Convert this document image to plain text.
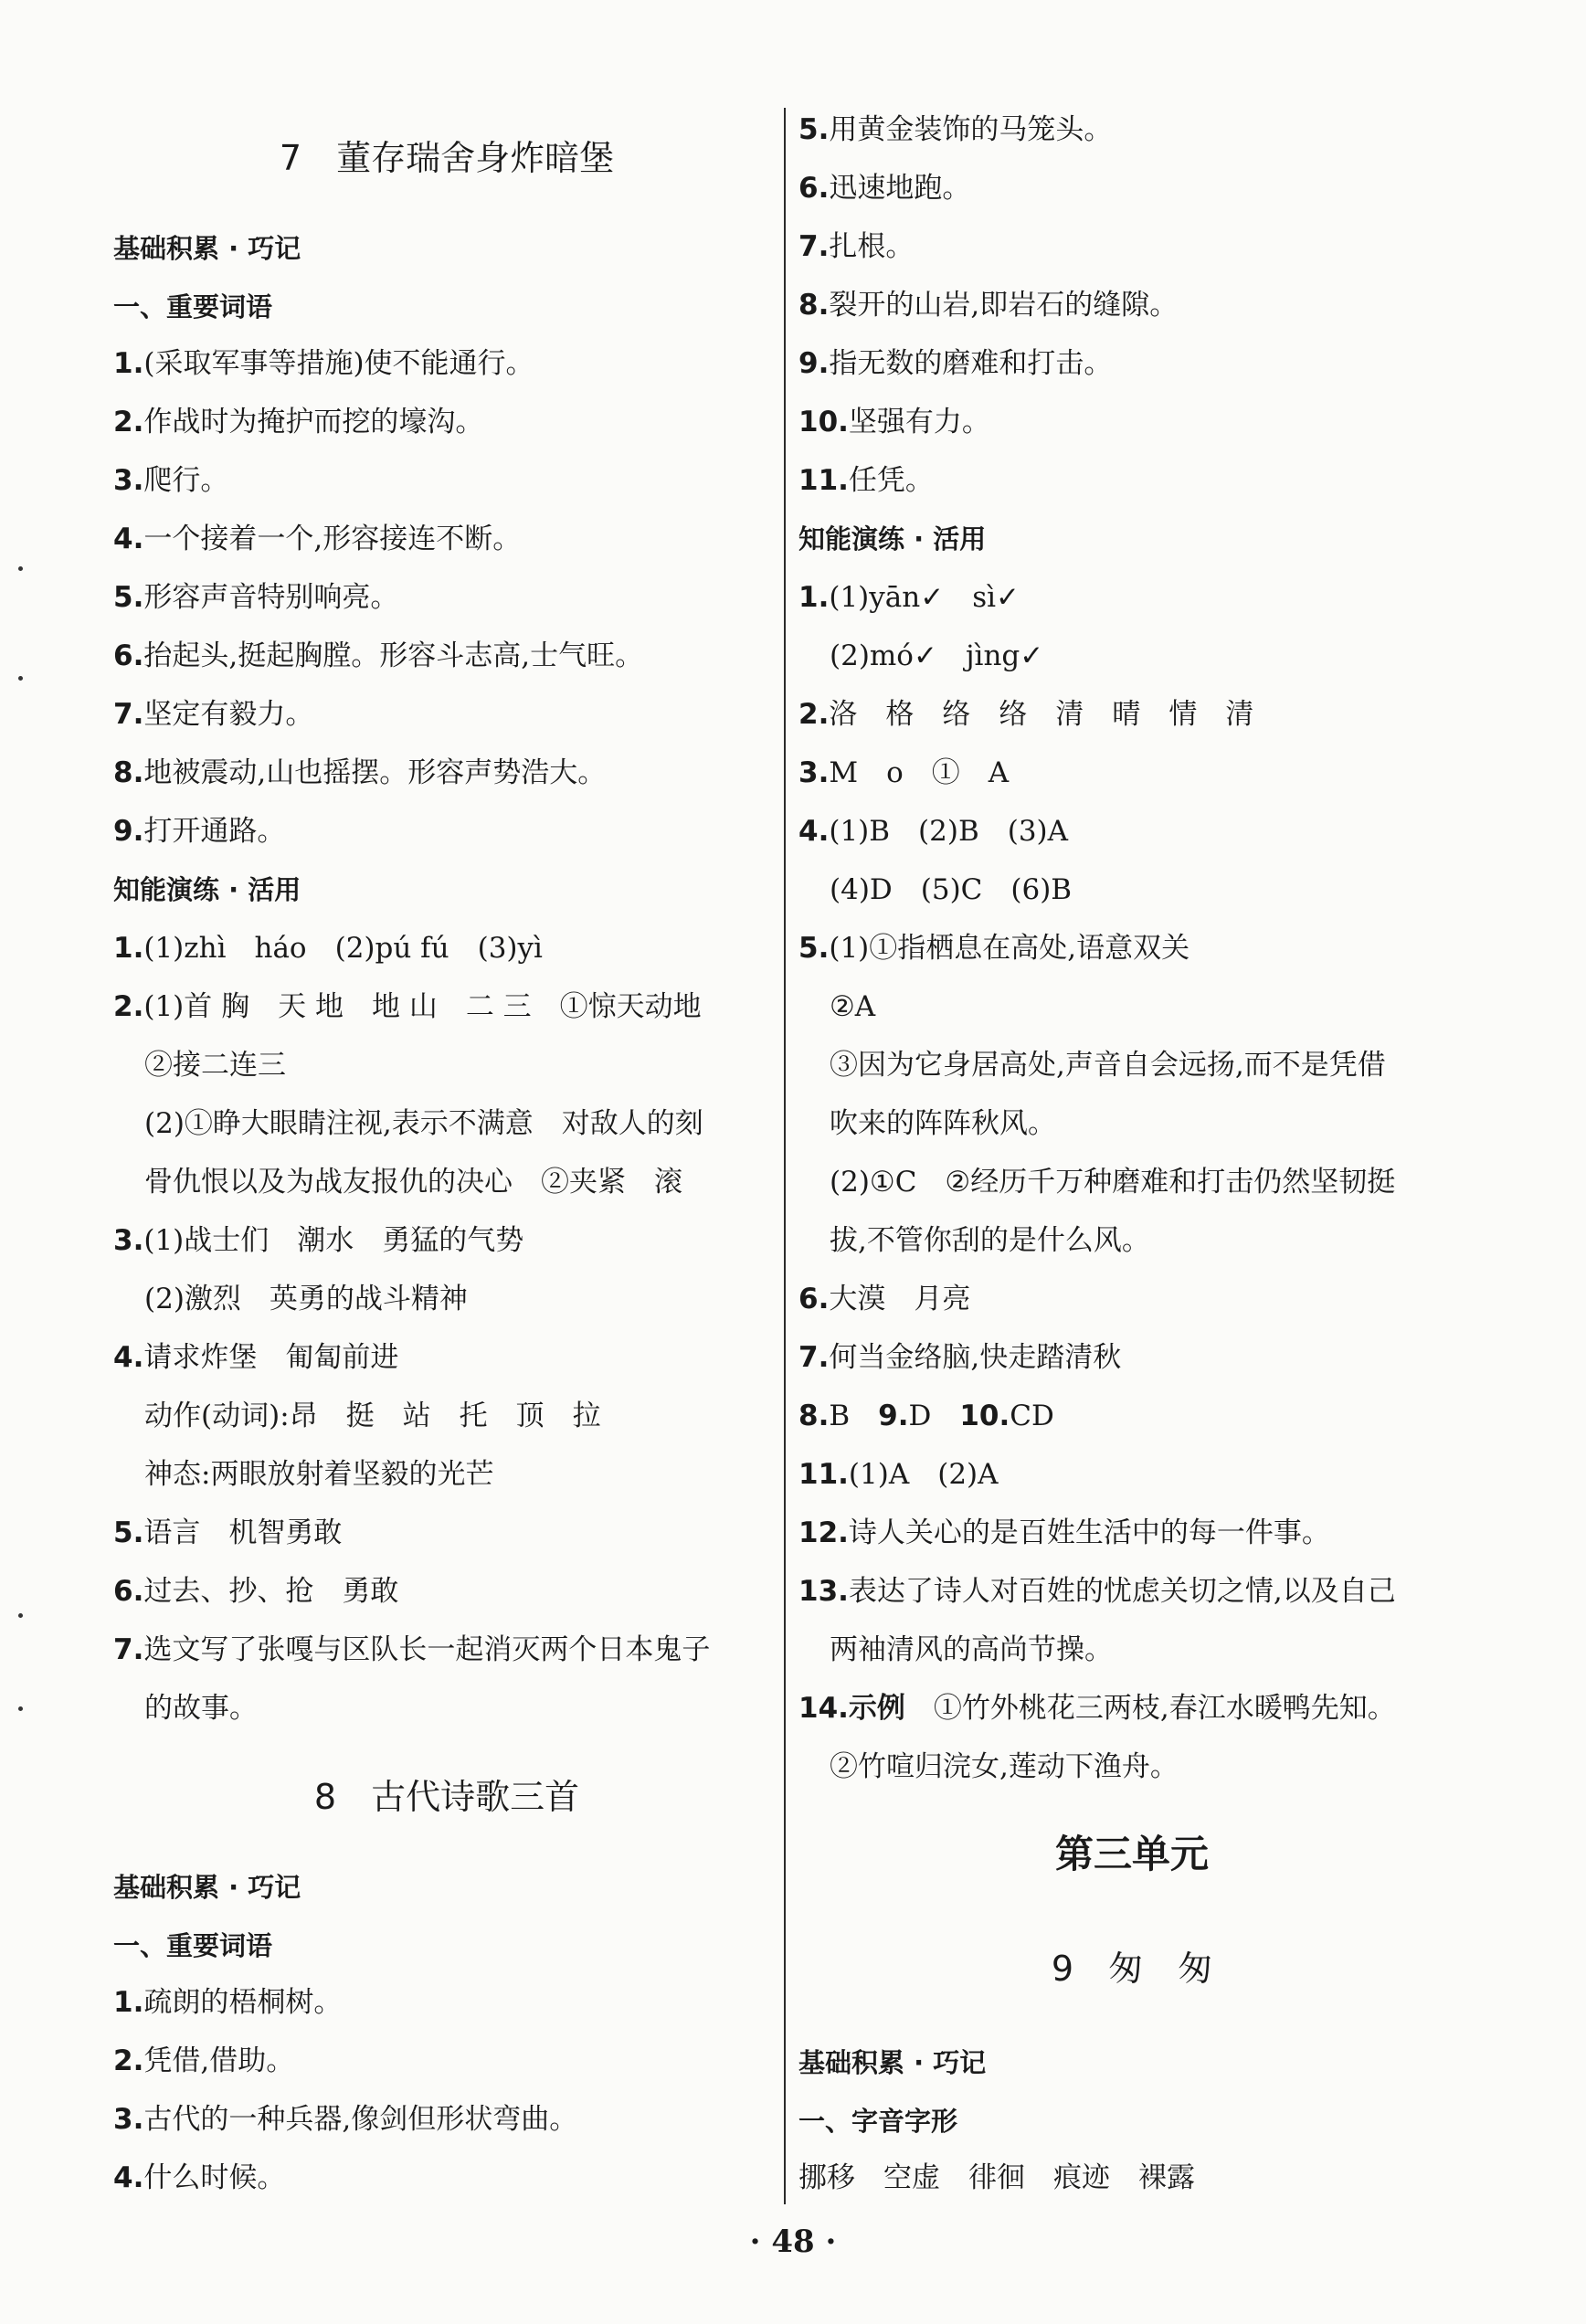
7　董存瑞舍身炸暗堡
基础积累 · 巧记
一、重要词语
1.(采取军事等措施)使不能通行。
2.作战时为掩护而挖的壕沟。
3.爬行。
4.一个接着一个,形容接连不断。
5.形容声音特别响亮。
6.抬起头,挺起胸膛。形容斗志高,士气旺。
7.坚定有毅力。
8.地被震动,山也摇摆。形容声势浩大。
9.打开通路。
知能演练 · 活用
1.(1)zhì　háo　(2)pú fú　(3)yì
2.(1)首 胸　天 地　地 山　二 三　①惊天动地
②接二连三
(2)①睁大眼睛注视,表示不满意　对敌人的刻
骨仇恨以及为战友报仇的决心　②夹紧　滚
3.(1)战士们　潮水　勇猛的气势
(2)激烈　英勇的战斗精神
4.请求炸堡　匍匐前进
动作(动词):昂　挺　站　托　顶　拉
神态:两眼放射着坚毅的光芒
5.语言　机智勇敢
6.过去、抄、抢　勇敢
7.选文写了张嘎与区队长一起消灭两个日本鬼子
的故事。
8　古代诗歌三首
基础积累 · 巧记
一、重要词语
1.疏朗的梧桐树。
2.凭借,借助。
3.古代的一种兵器,像剑但形状弯曲。
4.什么时候。
5.用黄金装饰的马笼头。
6.迅速地跑。
7.扎根。
8.裂开的山岩,即岩石的缝隙。
9.指无数的磨难和打击。
10.坚强有力。
11.任凭。
知能演练 · 活用
1.(1)yān✓　sì✓
(2)mó✓　jìng✓
2.洛　格　络　络　清　晴　情　清
3.M　o　①　A
4.(1)B　(2)B　(3)A
(4)D　(5)C　(6)B
5.(1)①指栖息在高处,语意双关
②A
③因为它身居高处,声音自会远扬,而不是凭借
吹来的阵阵秋风。
(2)①C　②经历千万种磨难和打击仍然坚韧挺
拔,不管你刮的是什么风。
6.大漠　月亮
7.何当金络脑,快走踏清秋
8.B　 9.D　 10.CD
11.(1)A　(2)A
12.诗人关心的是百姓生活中的每一件事。
13.表达了诗人对百姓的忧虑关切之情,以及自己
两袖清风的高尚节操。
14.示例　 ①竹外桃花三两枝,春江水暖鸭先知。
②竹喧归浣女,莲动下渔舟。
第三单元
9　匆　匆
基础积累 · 巧记
一、字音字形
挪移　空虚　徘徊　痕迹　裸露
· 48 ·
